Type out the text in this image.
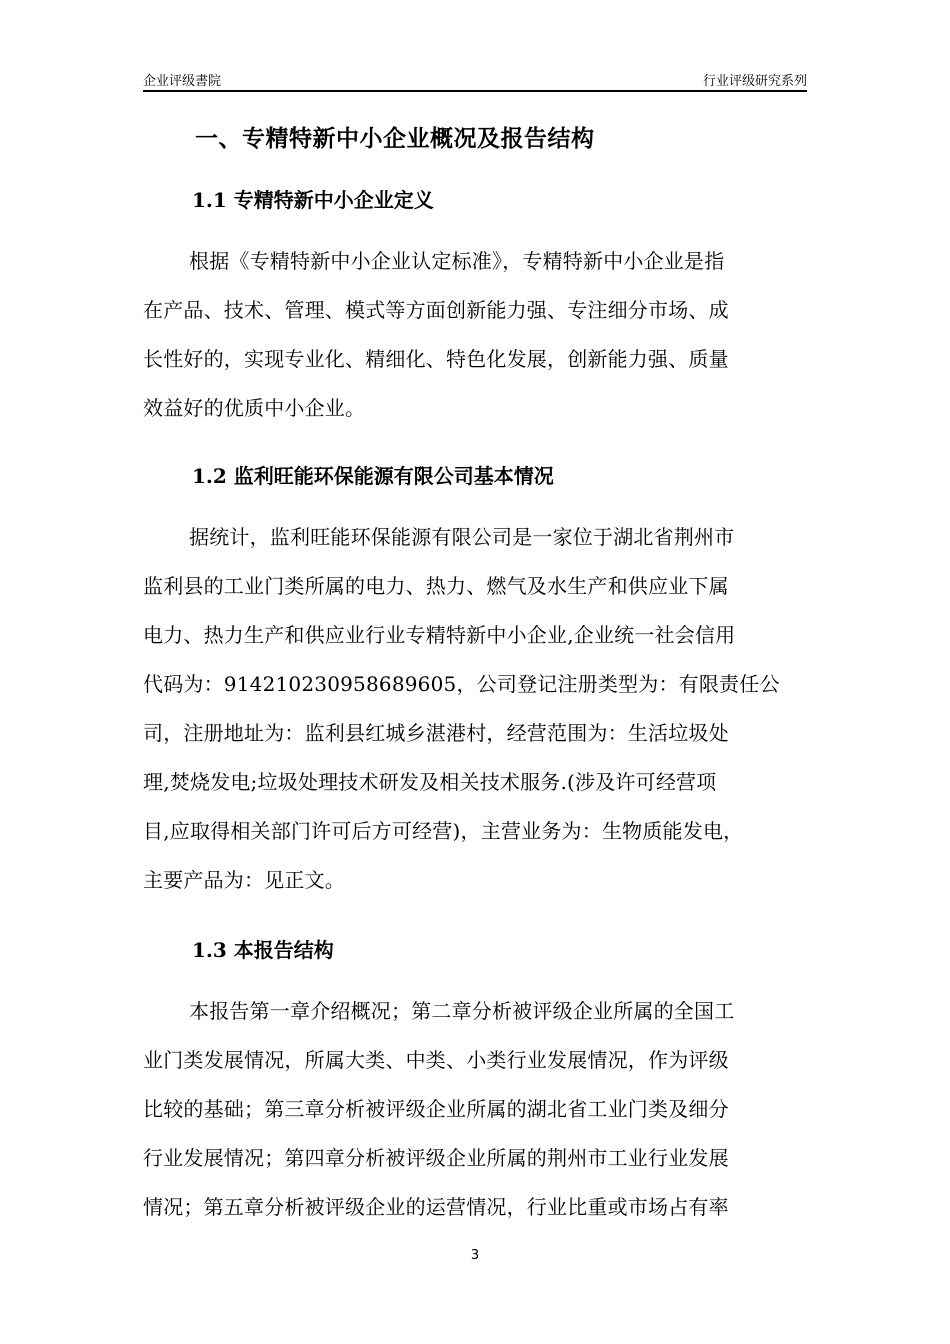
企业评级書院	行业评级研究系列
一、专精特新中小企业概况及报告结构
1.1 专精特新中小企业定义
根据《专精特新中小企业认定标准》，专精特新中小企业是指
在产品、技术、管理、模式等方面创新能力强、专注细分市场、成
长性好的，实现专业化、精细化、特色化发展，创新能力强、质量
效益好的优质中小企业。
1.2 监利旺能环保能源有限公司基本情况
据统计，监利旺能环保能源有限公司是一家位于湖北省荆州市
监利县的工业门类所属的电力、热力、燃气及水生产和供应业下属
电力、热力生产和供应业行业专精特新中小企业,企业统一社会信用
代码为：914210230958689605，公司登记注册类型为：有限责任公
司，注册地址为：监利县红城乡湛港村，经营范围为：生活垃圾处
理,焚烧发电;垃圾处理技术研发及相关技术服务.(涉及许可经营项
目,应取得相关部门许可后方可经营)，主营业务为：生物质能发电，
主要产品为：见正文。
1.3 本报告结构
本报告第一章介绍概况；第二章分析被评级企业所属的全国工
业门类发展情况，所属大类、中类、小类行业发展情况，作为评级
比较的基础；第三章分析被评级企业所属的湖北省工业门类及细分
行业发展情况；第四章分析被评级企业所属的荆州市工业行业发展
情况；第五章分析被评级企业的运营情况，行业比重或市场占有率
3
